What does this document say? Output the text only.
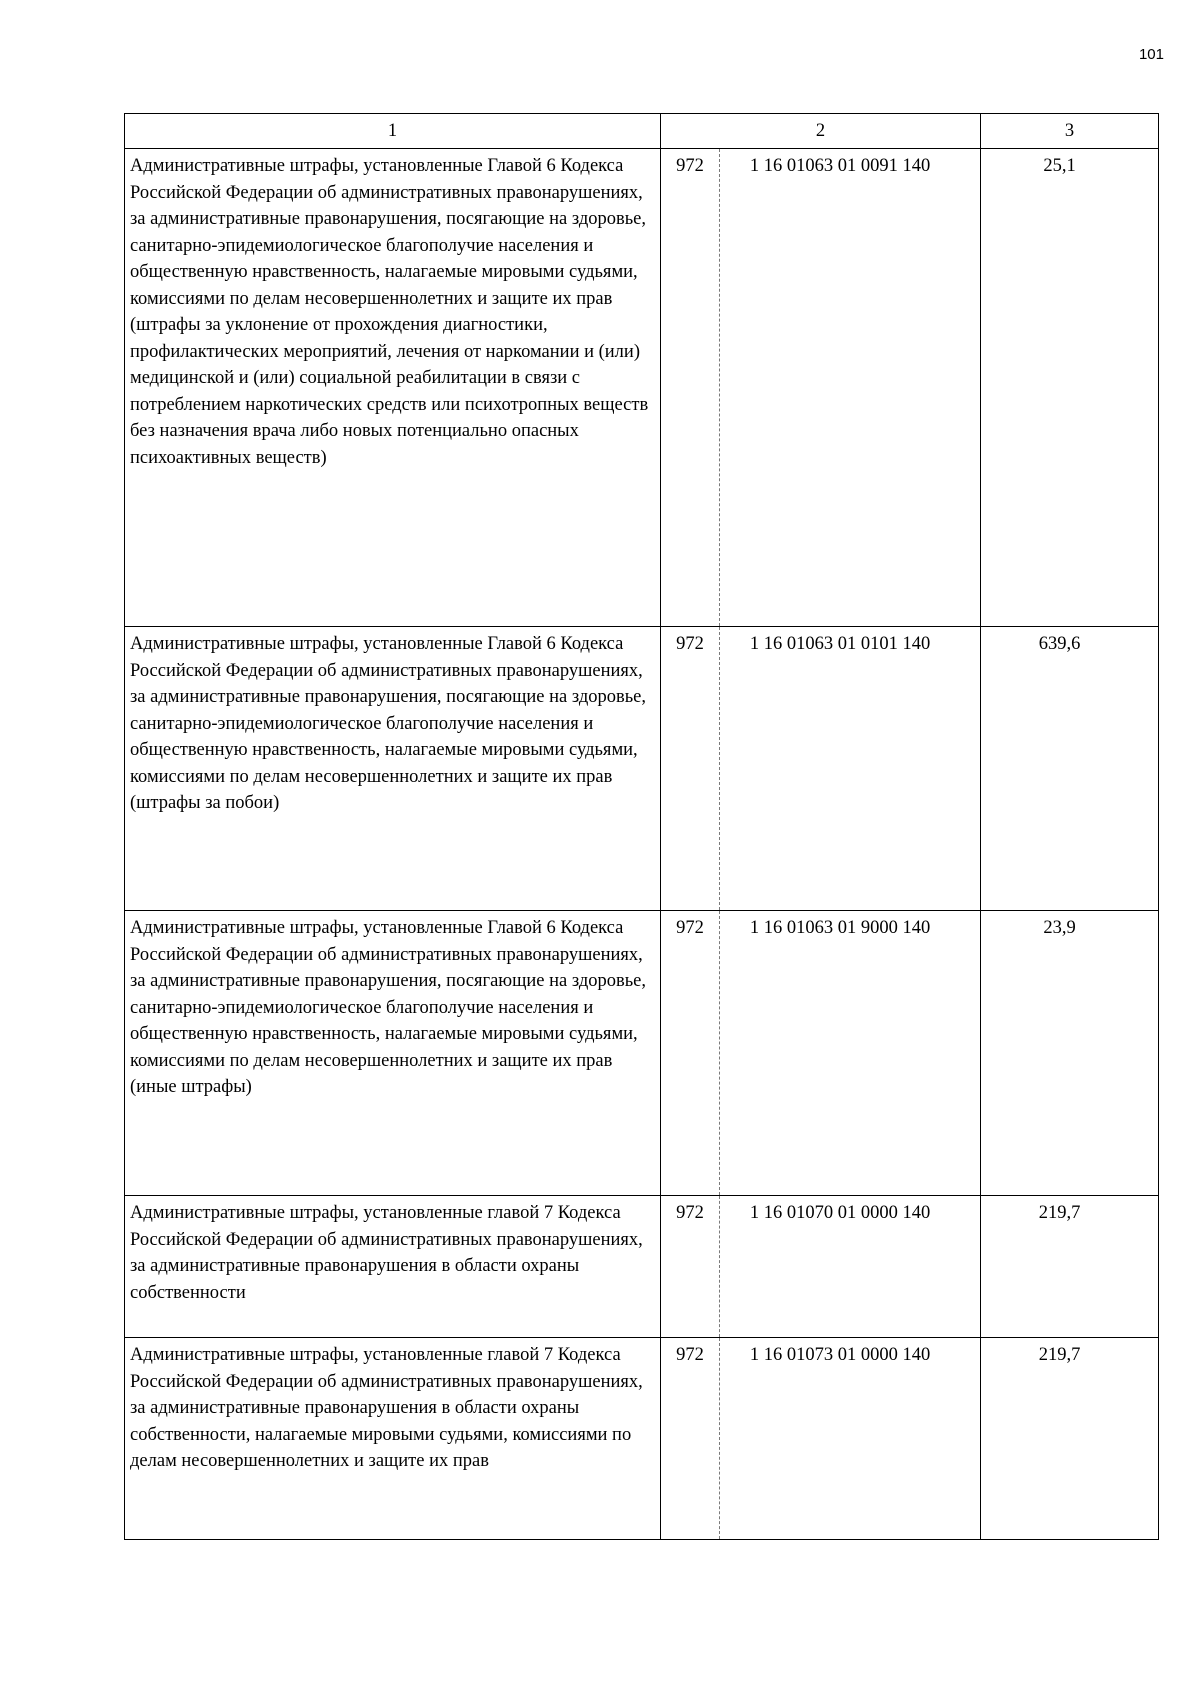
101
1	2	3
Административные штрафы, установленные Главой 6 Кодекса Российской Федерации об административных правонарушениях, за административные правонарушения, посягающие на здоровье, санитарно-эпидемиологическое благополучие населения и общественную нравственность, налагаемые мировыми судьями, комиссиями по делам несовершеннолетних и защите их прав (штрафы за уклонение от прохождения диагностики, профилактических мероприятий, лечения от наркомании и (или) медицинской и (или) социальной реабилитации в связи с потреблением наркотических средств или психотропных веществ без назначения врача либо новых потенциально опасных психоактивных веществ)	972 1 16 01063 01 0091 140	25,1
Административные штрафы, установленные Главой 6 Кодекса Российской Федерации об административных правонарушениях, за административные правонарушения, посягающие на здоровье, санитарно-эпидемиологическое благополучие населения и общественную нравственность, налагаемые мировыми судьями, комиссиями по делам несовершеннолетних и защите их прав (штрафы за побои)	972 1 16 01063 01 0101 140	639,6
Административные штрафы, установленные Главой 6 Кодекса Российской Федерации об административных правонарушениях, за административные правонарушения, посягающие на здоровье, санитарно-эпидемиологическое благополучие населения и общественную нравственность, налагаемые мировыми судьями, комиссиями по делам несовершеннолетних и защите их прав (иные штрафы)	972 1 16 01063 01 9000 140	23,9
Административные штрафы, установленные главой 7 Кодекса Российской Федерации об административных правонарушениях, за административные правонарушения в области охраны собственности	972 1 16 01070 01 0000 140	219,7
Административные штрафы, установленные главой 7 Кодекса Российской Федерации об административных правонарушениях, за административные правонарушения в области охраны собственности, налагаемые мировыми судьями, комиссиями по делам несовершеннолетних и защите их прав	972 1 16 01073 01 0000 140	219,7
